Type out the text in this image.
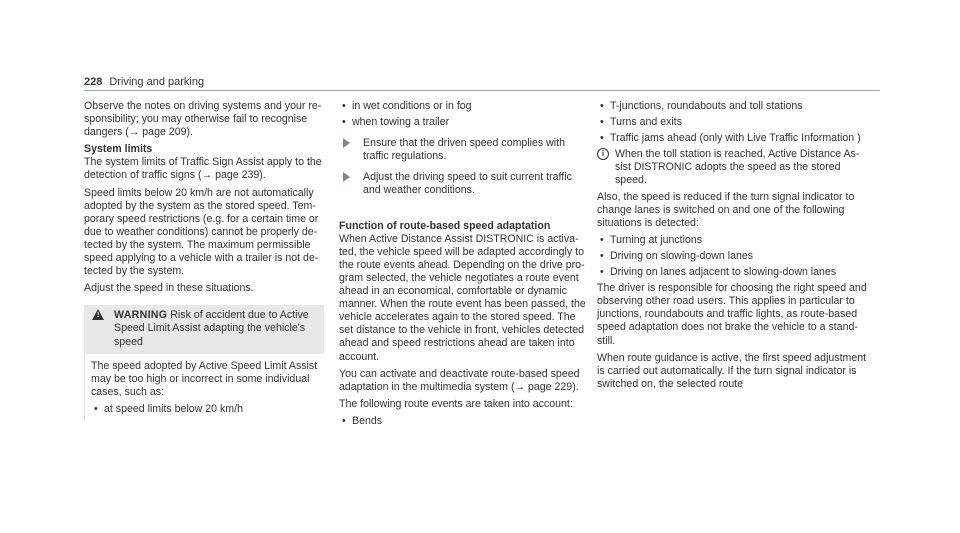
228 Driving and parking

Observe the notes on driving systems and your responsibility; you may otherwise fail to recognise dangers (→ page 209).

System limits

The system limits of Traffic Sign Assist apply to the detection of traffic signs (→ page 239).

Speed limits below 20 km/h are not automatically adopted by the system as the stored speed. Temporary speed restrictions (e.g. for a certain time or due to weather conditions) cannot be properly detected by the system. The maximum permissible speed applying to a vehicle with a trailer is not detected by the system.

Adjust the speed in these situations.

! WARNING Risk of accident due to Active Speed Limit Assist adapting the vehicle's speed

The speed adopted by Active Speed Limit Assist may be too high or incorrect in some individual cases, such as:

• at speed limits below 20 km/h
• in wet conditions or in fog
• when towing a trailer
Ensure that the driven speed complies with traffic regulations.
Adjust the driving speed to suit current traffic and weather conditions.
Function of route-based speed adaptation

When Active Distance Assist DISTRONIC is activated, the vehicle speed will be adapted accordingly to the route events ahead. Depending on the drive program selected, the vehicle negotiates a route event ahead in an economical, comfortable or dynamic manner. When the route event has been passed, the vehicle accelerates again to the stored speed. The set distance to the vehicle in front, vehicles detected ahead and speed restrictions ahead are taken into account.

You can activate and deactivate route-based speed adaptation in the multimedia system (→ page 229).

The following route events are taken into account:

• Bends
• T-junctions, roundabouts and toll stations
• Turns and exits
• Traffic jams ahead (only with Live Traffic Information )
i	When the toll station is reached, Active Distance Assist DISTRONIC adopts the speed as the stored speed.

Also, the speed is reduced if the turn signal indicator to change lanes is switched on and one of the following situations is detected:

• Turning at junctions
• Driving on slowing-down lanes
• Driving on lanes adjacent to slowing-down lanes

The driver is responsible for choosing the right speed and observing other road users. This applies in particular to junctions, roundabouts and traffic lights, as route-based speed adaptation does not brake the vehicle to a standstill.

When route guidance is active, the first speed adjustment is carried out automatically. If the turn signal indicator is switched on, the selected route
